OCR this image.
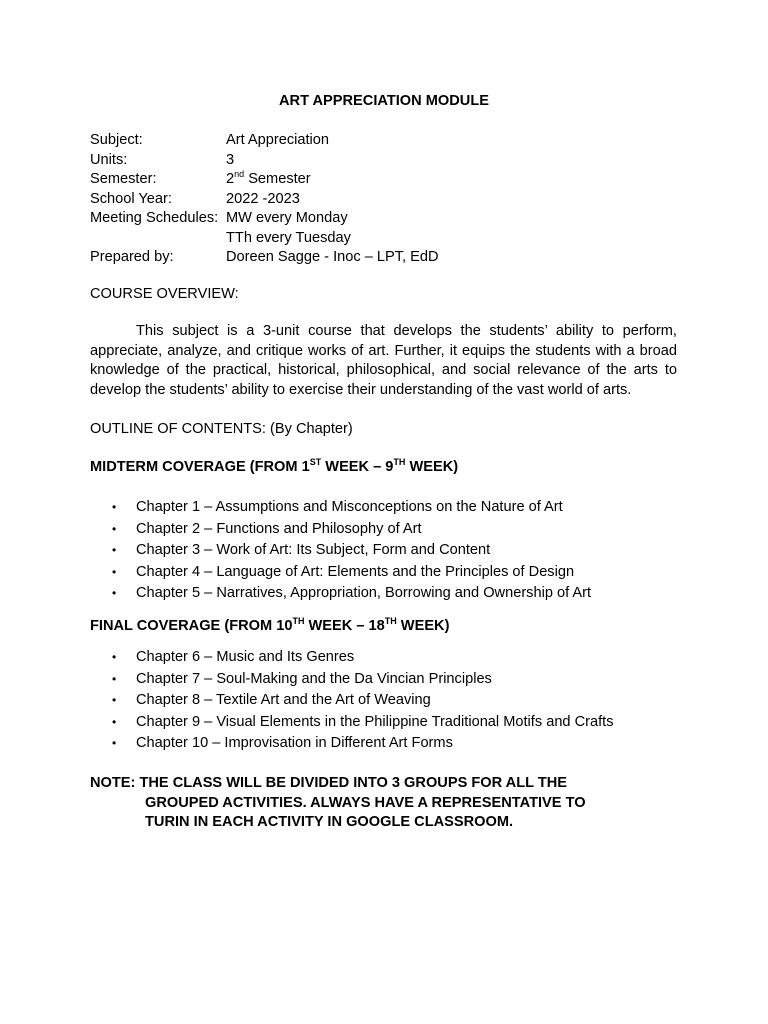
ART APPRECIATION MODULE
Subject:	Art Appreciation
Units:	3
Semester:	2nd Semester
School Year:	2022 -2023
Meeting Schedules: MW every Monday
TTh every Tuesday
Prepared by:	Doreen Sagge - Inoc – LPT, EdD
COURSE OVERVIEW:
This subject is a 3-unit course that develops the students’ ability to perform, appreciate, analyze, and critique works of art. Further, it equips the students with a broad knowledge of the practical, historical, philosophical, and social relevance of the arts to develop the students’ ability to exercise their understanding of the vast world of arts.
OUTLINE OF CONTENTS: (By Chapter)
MIDTERM COVERAGE (FROM 1ST WEEK – 9TH WEEK)
• Chapter 1 – Assumptions and Misconceptions on the Nature of Art
• Chapter 2 – Functions and Philosophy of Art
• Chapter 3 – Work of Art: Its Subject, Form and Content
• Chapter 4 – Language of Art: Elements and the Principles of Design
• Chapter 5 – Narratives, Appropriation, Borrowing and Ownership of Art
FINAL COVERAGE (FROM 10TH WEEK – 18TH WEEK)
• Chapter 6 – Music and Its Genres
• Chapter 7 – Soul-Making and the Da Vincian Principles
• Chapter 8 – Textile Art and the Art of Weaving
• Chapter 9 – Visual Elements in the Philippine Traditional Motifs and Crafts
• Chapter 10 – Improvisation in Different Art Forms
NOTE: THE CLASS WILL BE DIVIDED INTO 3 GROUPS FOR ALL THE
GROUPED ACTIVITIES. ALWAYS HAVE A REPRESENTATIVE TO
TURIN IN EACH ACTIVITY IN GOOGLE CLASSROOM.
